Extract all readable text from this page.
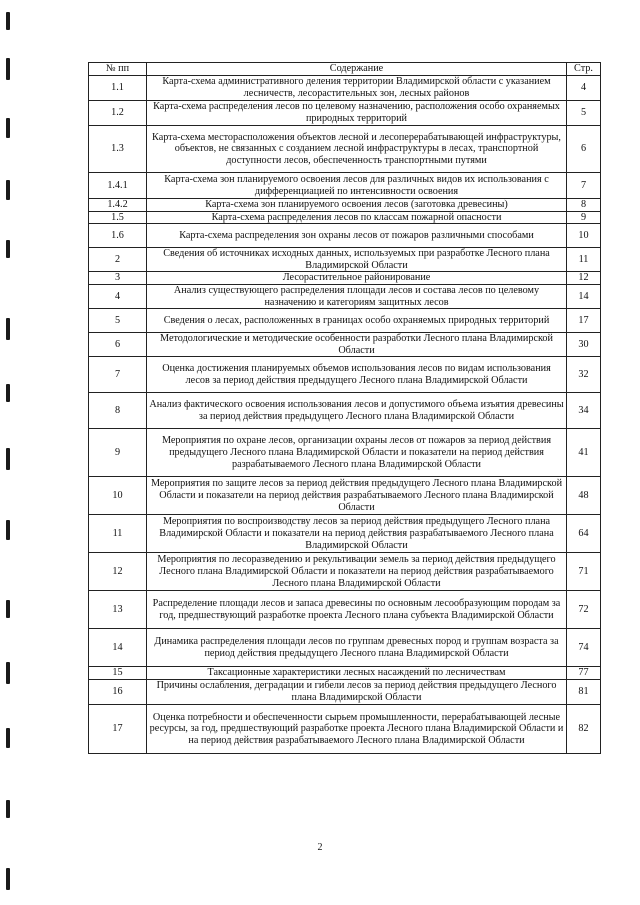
№ пп	Содержание	Стр.
1.1	Карта-схема административного деления территории Владимирской области с указанием лесничеств, лесорастительных зон, лесных районов	4
1.2	Карта-схема распределения лесов по целевому назначению, расположения особо охраняемых природных территорий	5
1.3	Карта-схема месторасположения объектов лесной и лесоперерабатывающей инфраструктуры, объектов, не связанных с созданием лесной инфраструктуры в лесах, транспортной доступности лесов, обеспеченность транспортными путями	6
1.4.1	Карта-схема зон планируемого освоения лесов для различных видов их использования с дифференциацией по интенсивности освоения	7
1.4.2	Карта-схема зон планируемого освоения лесов (заготовка древесины)	8
1.5	Карта-схема распределения лесов по классам пожарной опасности	9
1.6	Карта-схема распределения зон охраны лесов от пожаров различными способами	10
2	Сведения об источниках исходных данных, используемых при разработке Лесного плана Владимирской Области	11
3	Лесорастительное районирование	12
4	Анализ существующего распределения площади лесов и состава лесов по целевому назначению и категориям защитных лесов	14
5	Сведения о лесах, расположенных в границах особо охраняемых природных территорий	17
6	Методологические и методические особенности разработки Лесного плана Владимирской Области	30
7	Оценка достижения планируемых объемов использования лесов по видам использования лесов за период действия предыдущего Лесного плана Владимирской Области	32
8	Анализ фактического освоения использования лесов и допустимого объема изъятия древесины за период действия предыдущего Лесного плана Владимирской Области	34
9	Мероприятия по охране лесов, организации охраны лесов от пожаров за период действия предыдущего Лесного плана Владимирской Области и показатели на период действия разрабатываемого Лесного плана Владимирской Области	41
10	Мероприятия по защите лесов за период действия предыдущего Лесного плана Владимирской Области и показатели на период действия разрабатываемого Лесного плана Владимирской Области	48
11	Мероприятия по воспроизводству лесов за период действия предыдущего Лесного плана Владимирской Области и показатели на период действия разрабатываемого Лесного плана Владимирской Области	64
12	Мероприятия по лесоразведению и рекультивации земель за период действия предыдущего Лесного плана Владимирской Области и показатели на период действия разрабатываемого Лесного плана Владимирской Области	71
13	Распределение площади лесов и запаса древесины по основным лесообразующим породам за год, предшествующий разработке проекта Лесного плана субъекта Владимирской Области	72
14	Динамика распределения площади лесов по группам древесных пород и группам возраста за период действия предыдущего Лесного плана Владимирской Области	74
15	Таксационные характеристики лесных насаждений по лесничествам	77
16	Причины ослабления, деградации и гибели лесов за период действия предыдущего Лесного плана Владимирской Области	81
17	Оценка потребности и обеспеченности сырьем промышленности, перерабатывающей лесные ресурсы, за год, предшествующий разработке проекта Лесного плана Владимирской Области и на период действия разрабатываемого Лесного плана Владимирской Области	82
2
